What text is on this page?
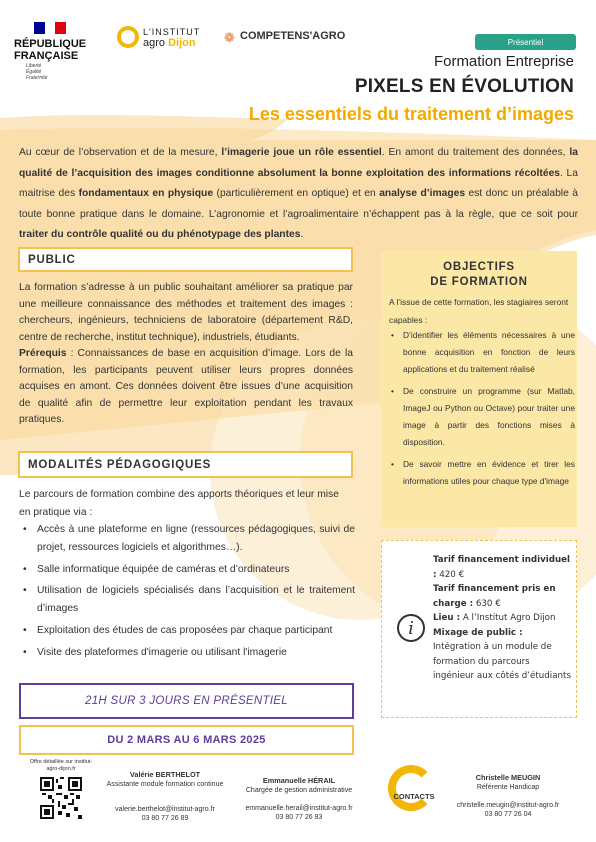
RÉPUBLIQUE FRANÇAISE
Liberté
Égalité
Fraternité
L'INSTITUT
agro Dijon ❁ COMPETENS'AGRO	Présentiel
Formation Entreprise
PIXELS EN ÉVOLUTION
Les essentiels du traitement d’images
Au cœur de l’observation et de la mesure, l’imagerie joue un rôle essentiel. En amont du traitement des données, la qualité de l’acquisition des images conditionne absolument la bonne exploitation des informations récoltées. La maitrise des fondamentaux en physique (particulièrement en optique) et en analyse d’images est donc un préalable à toute bonne pratique dans le domaine. L’agronomie et l’agroalimentaire n’échappent pas à la règle, que ce soit pour traiter du contrôle qualité ou du phénotypage des plantes.
PUBLIC
La formation s’adresse à un public souhaitant améliorer sa pratique par une meilleure connaissance des méthodes et traitement des images : chercheurs, ingénieurs, techniciens de laboratoire (département R&D, centre de recherche, institut technique), industriels, étudiants.
Prérequis : Connaissances de base en acquisition d’image. Lors de la formation, les participants peuvent utiliser leurs propres données acquises en amont. Ces données doivent être issues d’une acquisition de qualité afin de permettre leur exploitation pendant les travaux pratiques.
MODALITÉS PÉDAGOGIQUES
Le parcours de formation combine des apports théoriques et leur mise en pratique via :
• Accès à une plateforme en ligne (ressources pédagogiques, suivi de projet, ressources logiciels et algorithmes…).
• Salle informatique équipée de caméras et d’ordinateurs
• Utilisation de logiciels spécialisés dans l’acquisition et le traitement d’images
• Exploitation des études de cas proposées par chaque participant
• Visite des plateformes d'imagerie ou utilisant l'imagerie
OBJECTIFS
DE FORMATION
A l’issue de cette formation, les stagiaires seront capables :
• D’identifier les éléments nécessaires à une bonne acquisition en fonction de leurs applications et du traitement réalisé
• De construire un programme (sur Matlab, ImageJ ou Python ou Octave) pour traiter une image à partir des fonctions mises à disposition.
• De savoir mettre en évidence et tirer les informations utiles pour chaque type d'image
i
Tarif financement individuel : 420 €
Tarif financement pris en charge : 630 €
Lieu : A l’Institut Agro Dijon
Mixage de public :
Intégration à un module de formation du parcours ingénieur aux côtés d’étudiants
21H SUR 3 JOURS EN PRÉSENTIEL
DU 2 MARS AU 6 MARS 2025
Offre détaillée sur institut-agro-dijon.fr
Valérie BERTHELOT
Assistante module formation continue
valerie.berthelot@institut-agro.fr
03 80 77 26 89
Emmanuelle HÉRAIL
Chargée de gestion administrative

emmanuelle.herail@institut-agro.fr
03 80 77 26 83
CONTACTS
Christelle MEUGIN
Référente Handicap

christelle.meugin@institut-agro.fr
03 80 77 26 04
